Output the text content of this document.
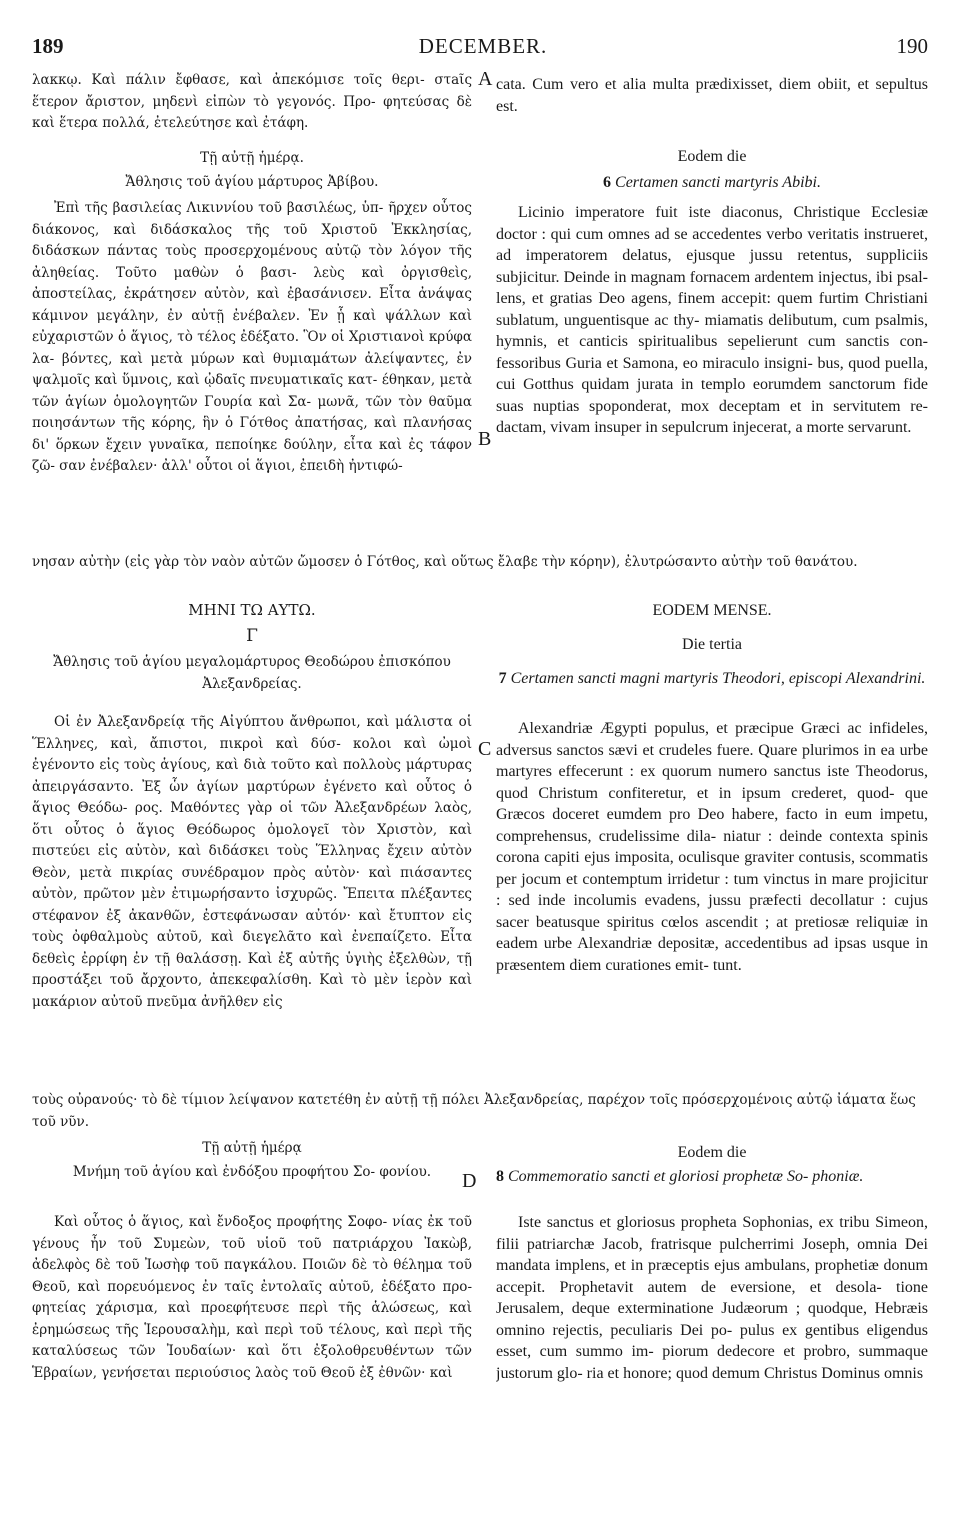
189	DECEMBER.	190
A
B
C
D

λακκῳ. Καὶ πάλιν ἔφθασε, καὶ ἀπεκόμισε τοῖς θερι- στaῖς ἕτερον ἄριστον, μηδενὶ εἰπὼν τὸ γεγονός. Προ- φητεύσας δὲ καὶ ἕτερα πολλά, ἐτελεύτησε καὶ ἐτάφη.

cata. Cum vero et alia multa prædixisset, diem obiit, et sepultus est.

Τῇ αὐτῇ ἡμέρᾳ.
Ἄθλησις τοῦ ἁγίου μάρτυρος Ἀβίβου.

Ἐπὶ τῆς βασιλείας Λικιννίου τοῦ βασιλέως, ὑπ- ῆρχεν οὗτος διάκονος, καὶ διδάσκαλος τῆς τοῦ Χριστοῦ Ἐκκλησίας, διδάσκων πάντας τοὺς προσερχομένους αὐτῷ τὸν λόγον τῆς ἀληθείας. Τοῦτο μαθὼν ὁ βασι- λεὺς καὶ ὀργισθεὶς, ἀποστείλας, ἐκράτησεν αὐτὸν, καὶ ἐβασάνισεν. Εἶτα ἀνάψας κάμινον μεγάλην, ἐν αὐτῇ ἐνέβαλεν. Ἐν ᾗ καὶ ψάλλων καὶ εὐχαριστῶν ὁ ἅγιος, τὸ τέλος ἐδέξατο. Ὃν οἱ Χριστιανοὶ κρύφα λα- βόντες, καὶ μετὰ μύρων καὶ θυμιαμάτων ἀλείψαντες, ἐν ψαλμοῖς καὶ ὕμνοις, καὶ ᾠδαῖς πνευματικαῖς κατ- έθηκαν, μετὰ τῶν ἁγίων ὁμολογητῶν Γουρία καὶ Σα- μωνᾶ, τῶν τὸν θαῦμα ποιησάντων τῆς κόρης, ἣν ὁ Γότθος ἀπατήσας, καὶ πλανήσας δι' ὅρκων ἔχειν γυναῖκα, πεποίηκε δούλην, εἶτα καὶ ἐς τάφον ζῶ- σαν ἐνέβαλεν· ἀλλ' οὗτοι οἱ ἅγιοι, ἐπειδὴ ἠντιφώ-

Eodem die
6 Certamen sancti martyris Abibi.

Licinio imperatore fuit iste diaconus, Christique Ecclesiæ doctor : qui cum omnes ad se accedentes verbo veritatis instrueret, ad imperatorem delatus, ejusque jussu retentus, suppliciis subjicitur. Deinde in magnam fornacem ardentem injectus, ibi psal- lens, et gratias Deo agens, finem accepit: quem furtim Christiani sublatum, unguentisque ac thy- miamatis delibutum, cum psalmis, hymnis, et canticis spiritualibus sepelierunt cum sanctis con- fessoribus Guria et Samona, eo miraculo insigni- bus, quod puella, cui Gotthus quidam jurata in templo eorumdem sanctorum fide suas nuptias spoponderat, mox deceptam et in servitutem re- dactam, vivam insuper in sepulcrum injecerat, a morte servarunt.

νησαν αὐτὴν (εἰς γὰρ τὸν ναὸν αὐτῶν ὤμοσεν ὁ Γότθος, καὶ οὕτως ἔλαβε τὴν κόρην), ἐλυτρώσαντο αὐτὴν τοῦ θανάτου.
ΜΗΝΙ ΤΩ ΑΥΤΩ.
Γ
Ἄθλησις τοῦ ἁγίου μεγαλομάρτυρος Θεοδώρου ἐπισκόπου Ἀλεξανδρείας.

Οἱ ἐν Ἀλεξανδρείᾳ τῆς Αἰγύπτου ἄνθρωποι, καὶ μάλιστα οἱ Ἕλληνες, καὶ, ἄπιστοι, πικροὶ καὶ δύσ- κολοι καὶ ὠμοὶ ἐγένοντο εἰς τοὺς ἁγίους, καὶ διὰ τοῦτο καὶ πολλοὺς μάρτυρας ἀπειργάσαντο. Ἐξ ὧν ἁγίων μαρτύρων ἐγένετο καὶ οὗτος ὁ ἅγιος Θεόδω- ρος. Μαθόντες γὰρ οἱ τῶν Ἀλεξανδρέων λαὸς, ὅτι οὗτος ὁ ἅγιος Θεόδωρος ὁμολογεῖ τὸν Χριστὸν, καὶ πιστεύει εἰς αὐτὸν, καὶ διδάσκει τοὺς Ἕλληνας ἔχειν αὐτὸν Θεὸν, μετὰ πικρίας συνέδραμον πρὸς αὐτὸν· καὶ πιάσαντες αὐτὸν, πρῶτον μὲν ἐτιμωρήσαντο ἰσχυρῶς. Ἔπειτα πλέξαντες στέφανον ἐξ ἀκανθῶν, ἐστεφάνωσαν αὐτόν· καὶ ἔτυπτον εἰς τοὺς ὀφθαλμοὺς αὐτοῦ, καὶ διεγελᾶτο καὶ ἐνεπαίζετο. Εἶτα δεθεὶς ἐρρίφη ἐν τῇ θαλάσσῃ. Καὶ ἐξ αὐτῆς ὑγιὴς ἐξελθὼν, τῇ προστάξει τοῦ ἄρχοντο, ἀπεκεφαλίσθη. Καὶ τὸ μὲν ἱερὸν καὶ μακάριον αὐτοῦ πνεῦμα ἀνῆλθεν εἰς

EODEM MENSE.
Die tertia
7 Certamen sancti magni martyris Theodori, episcopi Alexandrini.

Alexandriæ Ægypti populus, et præcipue Græci ac infideles, adversus sanctos sævi et crudeles fuere. Quare plurimos in ea urbe martyres effecerunt : ex quorum numero sanctus iste Theodorus, quod Christum confiteretur, et in ipsum crederet, quod- que Græcos doceret eumdem pro Deo habere, facto in eum impetu, comprehensus, crudelissime dila- niatur : deinde contexta spinis corona capiti ejus imposita, oculisque graviter contusis, scommatis per jocum et contemptum irridetur : tum vinctus in mare projicitur : sed inde incolumis evadens, jussu præfecti decollatur : cujus sacer beatusque spiritus cœlos ascendit ; at pretiosæ reliquiæ in eadem urbe Alexandriæ depositæ, accedentibus ad ipsas usque in præsentem diem curationes emit- tunt.

τοὺς οὐρανούς· τὸ δὲ τίμιον λείψανον κατετέθη ἐν αὐτῇ τῇ πόλει Ἀλεξανδρείας, παρέχον τοῖς πρόσερχομένοις αὐτῷ ἰάματα ἕως τοῦ νῦν.
Τῇ αὐτῇ ἡμέρᾳ
Μνήμη τοῦ ἁγίου καὶ ἐνδόξου προφήτου Σο- φονίου.

Καὶ οὗτος ὁ ἅγιος, καὶ ἔνδοξος προφήτης Σοφο- νίας ἐκ τοῦ γένους ἦν τοῦ Συμεὼν, τοῦ υἱοῦ τοῦ πατριάρχου Ἰακὼβ, ἀδελφὸς δὲ τοῦ Ἰωσὴφ τοῦ παγκάλου. Ποιῶν δὲ τὸ θέλημα τοῦ Θεοῦ, καὶ πορευόμενος ἐν ταῖς ἐντολαῖς αὐτοῦ, ἐδέξατο προ- φητείας χάρισμα, καὶ προεφήτευσε περὶ τῆς ἁλώσεως, καὶ ἐρημώσεως τῆς Ἱερουσαλὴμ, καὶ περὶ τοῦ τέλους, καὶ περὶ τῆς καταλύσεως τῶν Ἰουδαίων· καὶ ὅτι ἐξολοθρευθέντων τῶν Ἑβραίων, γενήσεται περιούσιος λαὸς τοῦ Θεοῦ ἐξ ἐθνῶν· καὶ

Eodem die
8 Commemoratio sancti et gloriosi prophetæ So- phoniæ.

Iste sanctus et gloriosus propheta Sophonias, ex tribu Simeon, filii patriarchæ Jacob, fratrisque pulcherrimi Joseph, omnia Dei mandata implens, et in præceptis ejus ambulans, prophetiæ donum accepit. Prophetavit autem de eversione, et desola- tione Jerusalem, deque exterminatione Judæorum ; quodque, Hebræis omnino rejectis, peculiaris Dei po- pulus ex gentibus eligendus esset, cum summo im- piorum dedecore et probro, summaque justorum glo- ria et honore; quod demum Christus Dominus omnis
